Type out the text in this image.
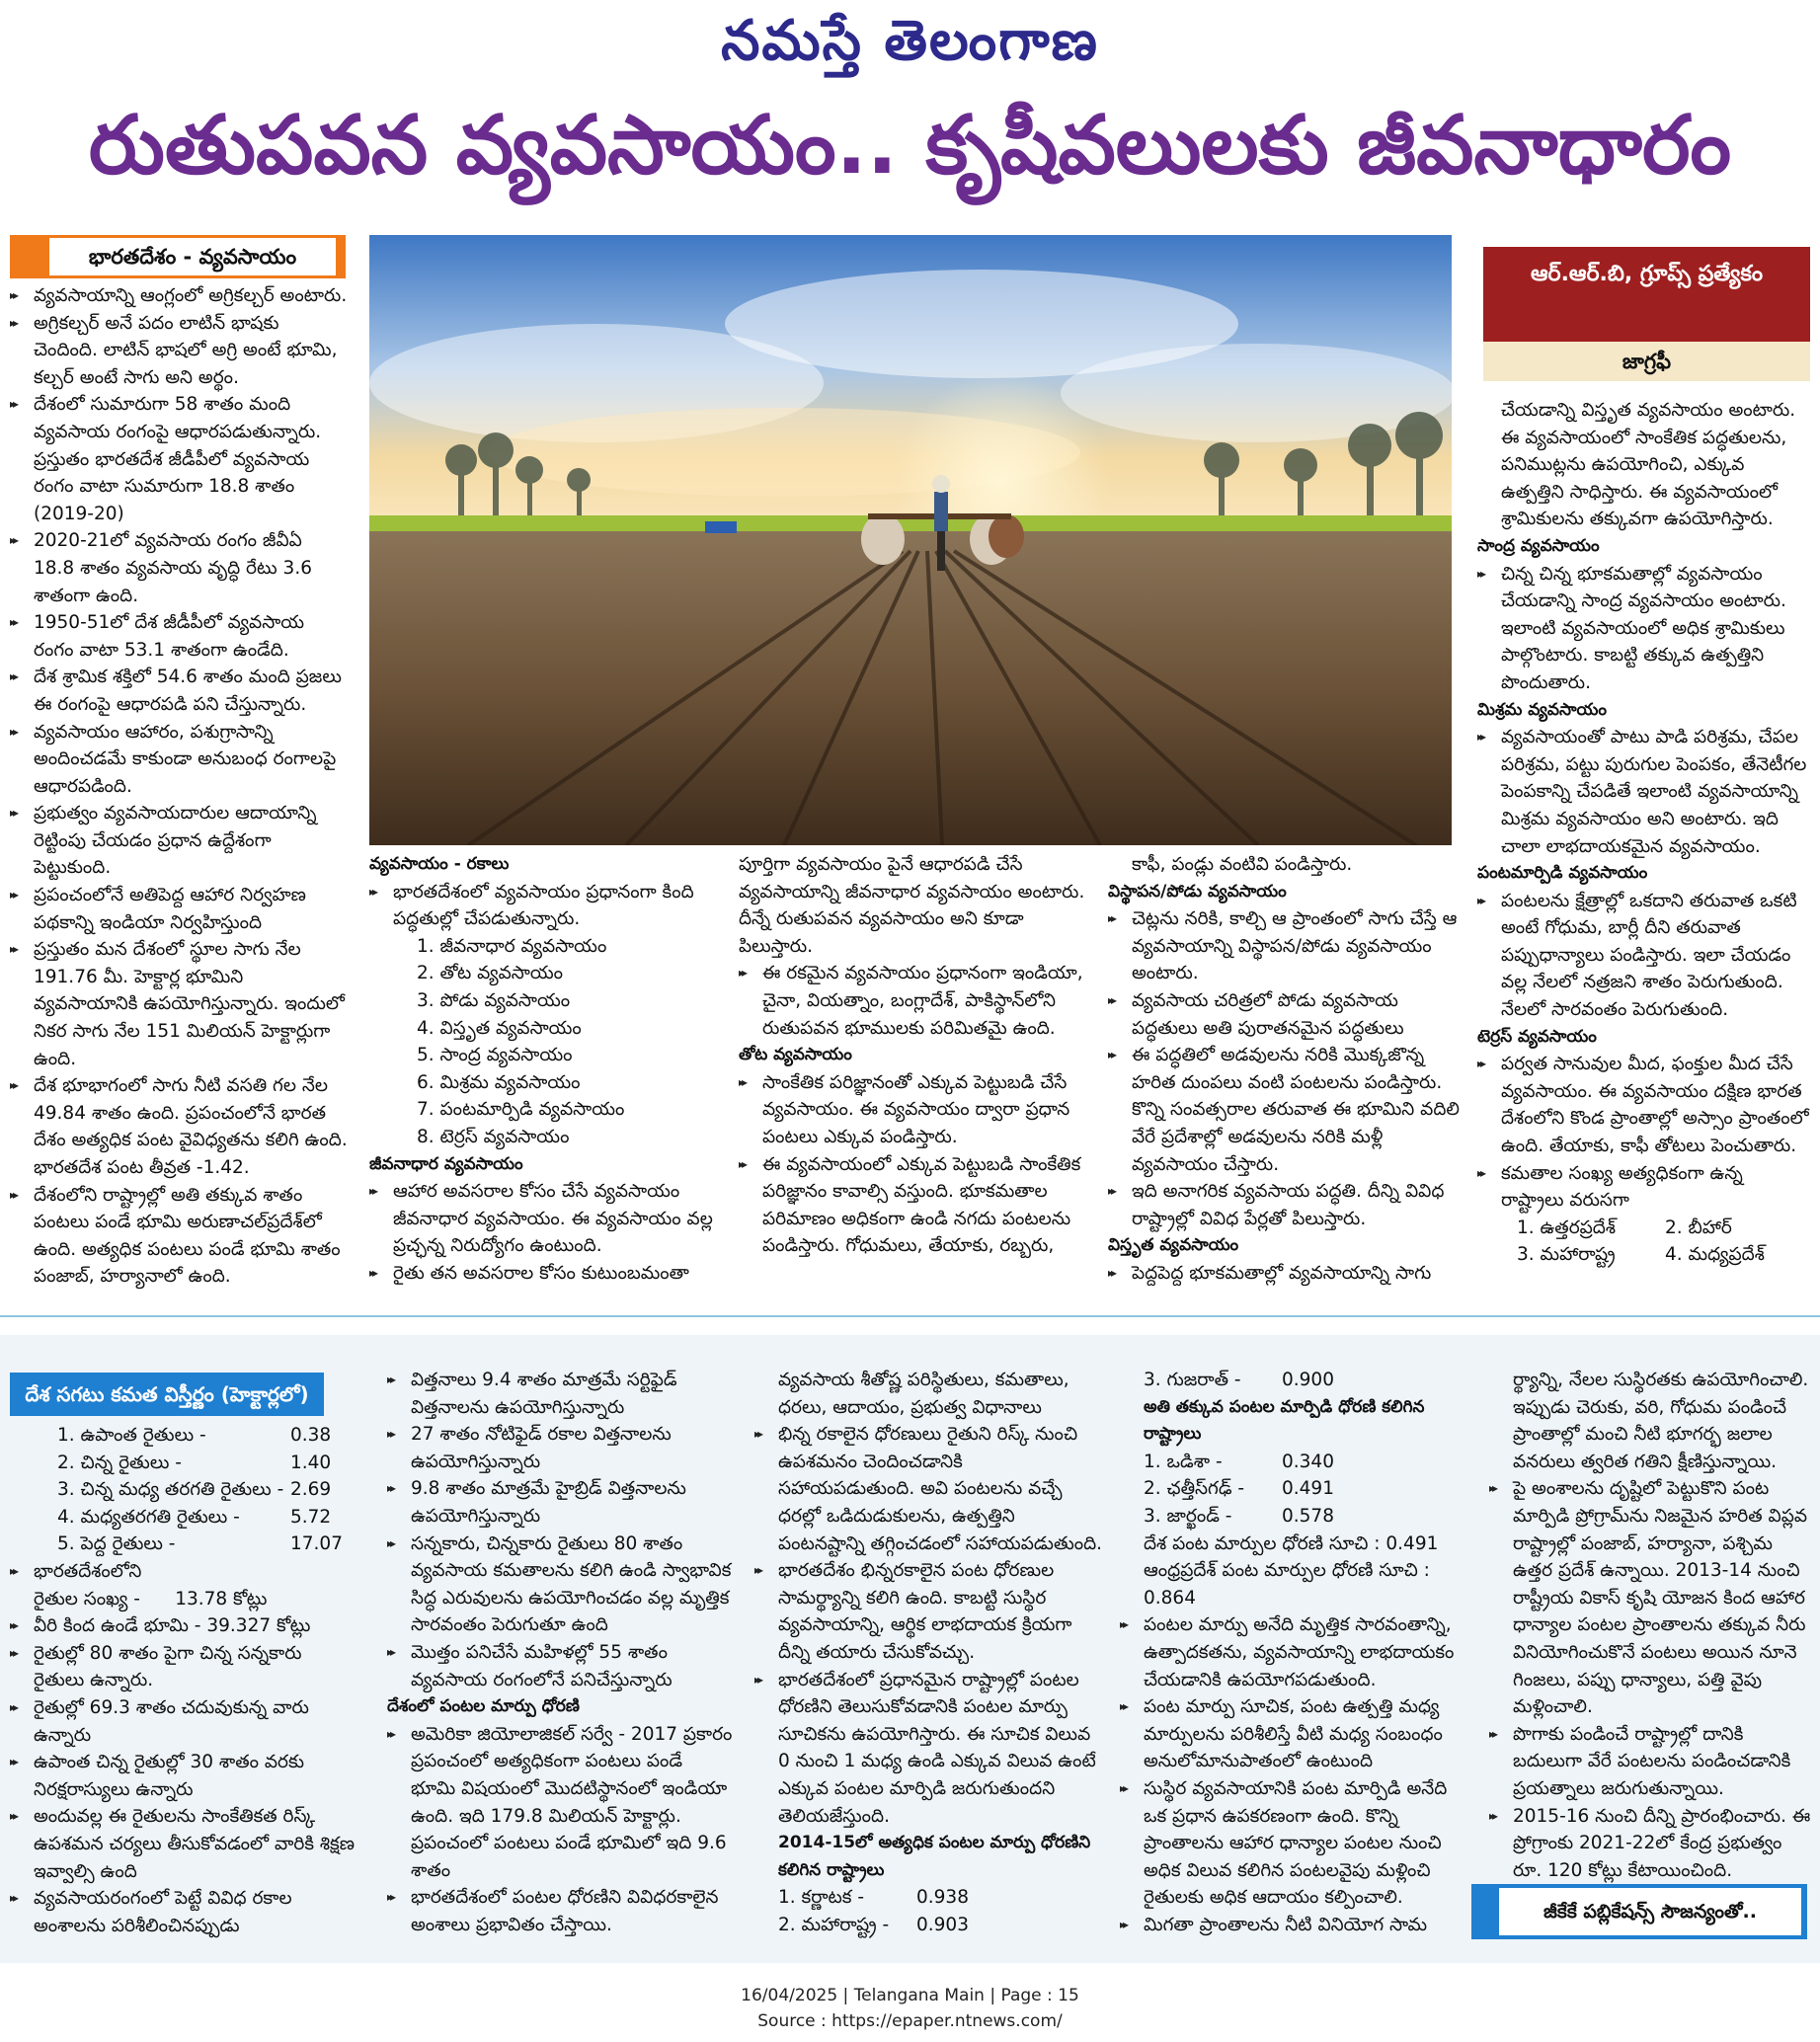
నమస్తే తెలంగాణ
రుతుపవన వ్యవసాయం.. కృషీవలులకు జీవనాధారం
భారతదేశం - వ్యవసాయం

▸▸ వ్యవసాయాన్ని ఆంగ్లంలో అగ్రికల్చర్ అంటారు.

▸▸ అగ్రికల్చర్ అనే పదం లాటిన్ భాషకు చెందింది. లాటిన్ భాషలో అగ్రి అంటే భూమి, కల్చర్ అంటే సాగు అని అర్థం.

▸▸ దేశంలో సుమారుగా 58 శాతం మంది వ్యవసాయ రంగంపై ఆధారపడుతున్నారు. ప్రస్తుతం భారతదేశ జీడీపీలో వ్యవసాయ రంగం వాటా సుమారుగా 18.8 శాతం (2019-20)

▸▸ 2020-21లో వ్యవసాయ రంగం జీవీఏ 18.8 శాతం వ్యవసాయ వృద్ధి రేటు 3.6 శాతంగా ఉంది.

▸▸ 1950-51లో దేశ జీడీపీలో వ్యవసాయ రంగం వాటా 53.1 శాతంగా ఉండేది.

▸▸ దేశ శ్రామిక శక్తిలో 54.6 శాతం మంది ప్రజలు ఈ రంగంపై ఆధారపడి పని చేస్తున్నారు.

▸▸ వ్యవసాయం ఆహారం, పశుగ్రాసాన్ని అందించడమే కాకుండా అనుబంధ రంగాలపై ఆధారపడింది.

▸▸ ప్రభుత్వం వ్యవసాయదారుల ఆదాయాన్ని రెట్టింపు చేయడం ప్రధాన ఉద్దేశంగా పెట్టుకుంది.

▸▸ ప్రపంచంలోనే అతిపెద్ద ఆహార నిర్వహణ పథకాన్ని ఇండియా నిర్వహిస్తుంది

▸▸ ప్రస్తుతం మన దేశంలో స్థూల సాగు నేల 191.76 మీ. హెక్టార్ల భూమిని వ్యవసాయానికి ఉపయోగిస్తున్నారు. ఇందులో నికర సాగు నేల 151 మిలియన్ హెక్టార్లుగా ఉంది.

▸▸ దేశ భూభాగంలో సాగు నీటి వసతి గల నేల 49.84 శాతం ఉంది. ప్రపంచంలోనే భారత దేశం అత్యధిక పంట వైవిధ్యతను కలిగి ఉంది. భారతదేశ పంట తీవ్రత -1.42.

▸▸ దేశంలోని రాష్ట్రాల్లో అతి తక్కువ శాతం పంటలు పండే భూమి అరుణాచల్‌ప్రదేశ్‌లో ఉంది. అత్యధిక పంటలు పండే భూమి శాతం పంజాబ్, హర్యానాలో ఉంది.

వ్యవసాయం - రకాలు

▸▸ భారతదేశంలో వ్యవసాయం ప్రధానంగా కింది పద్ధతుల్లో చేపడుతున్నారు.

1. జీవనాధార వ్యవసాయం

2. తోట వ్యవసాయం

3. పోడు వ్యవసాయం

4. విస్తృత వ్యవసాయం

5. సాంద్ర వ్యవసాయం

6. మిశ్రమ వ్యవసాయం

7. పంటమార్పిడి వ్యవసాయం

8. టెర్రస్ వ్యవసాయం

జీవనాధార వ్యవసాయం

▸▸ ఆహార అవసరాల కోసం చేసే వ్యవసాయం జీవనాధార వ్యవసాయం. ఈ వ్యవసాయం వల్ల ప్రచ్ఛన్న నిరుద్యోగం ఉంటుంది.

▸▸ రైతు తన అవసరాల కోసం కుటుంబమంతా

పూర్తిగా వ్యవసాయం పైనే ఆధారపడి చేసే వ్యవసాయాన్ని జీవనాధార వ్యవసాయం అంటారు. దీన్నే రుతుపవన వ్యవసాయం అని కూడా పిలుస్తారు.

▸▸ ఈ రకమైన వ్యవసాయం ప్రధానంగా ఇండియా, చైనా, వియత్నాం, బంగ్లాదేశ్, పాకిస్థాన్‌లోని రుతుపవన భూములకు పరిమితమై ఉంది.

తోట వ్యవసాయం

▸▸ సాంకేతిక పరిజ్ఞానంతో ఎక్కువ పెట్టుబడి చేసే వ్యవసాయం. ఈ వ్యవసాయం ద్వారా ప్రధాన పంటలు ఎక్కువ పండిస్తారు.

▸▸ ఈ వ్యవసాయంలో ఎక్కువ పెట్టుబడి సాంకేతిక పరిజ్ఞానం కావాల్సి వస్తుంది. భూకమతాల పరిమాణం అధికంగా ఉండి నగదు పంటలను పండిస్తారు. గోధుమలు, తేయాకు, రబ్బరు,

కాఫీ, పండ్లు వంటివి పండిస్తారు.

విస్థాపన/పోడు వ్యవసాయం

▸▸ చెట్లను నరికి, కాల్చి ఆ ప్రాంతంలో సాగు చేస్తే ఆ వ్యవసాయాన్ని విస్థాపన/పోడు వ్యవసాయం అంటారు.

▸▸ వ్యవసాయ చరిత్రలో పోడు వ్యవసాయ పద్ధతులు అతి పురాతనమైన పద్ధతులు

▸▸ ఈ పద్ధతిలో అడవులను నరికి మొక్కజొన్న హరిత దుంపలు వంటి పంటలను పండిస్తారు. కొన్ని సంవత్సరాల తరువాత ఈ భూమిని వదిలి వేరే ప్రదేశాల్లో అడవులను నరికి మళ్లీ వ్యవసాయం చేస్తారు.

▸▸ ఇది అనాగరిక వ్యవసాయ పద్ధతి. దీన్ని వివిధ రాష్ట్రాల్లో వివిధ పేర్లతో పిలుస్తారు.

విస్తృత వ్యవసాయం

▸▸ పెద్దపెద్ద భూకమతాల్లో వ్యవసాయాన్ని సాగు

ఆర్.ఆర్.బి, గ్రూప్స్ ప్రత్యేకం
జాగ్రఫీ

చేయడాన్ని విస్తృత వ్యవసాయం అంటారు. ఈ వ్యవసాయంలో సాంకేతిక పద్ధతులను, పనిముట్లను ఉపయోగించి, ఎక్కువ ఉత్పత్తిని సాధిస్తారు. ఈ వ్యవసాయంలో శ్రామికులను తక్కువగా ఉపయోగిస్తారు.

సాంద్ర వ్యవసాయం

▸▸ చిన్న చిన్న భూకమతాల్లో వ్యవసాయం చేయడాన్ని సాంద్ర వ్యవసాయం అంటారు. ఇలాంటి వ్యవసాయంలో అధిక శ్రామికులు పాల్గొంటారు. కాబట్టి తక్కువ ఉత్పత్తిని పొందుతారు.

మిశ్రమ వ్యవసాయం

▸▸ వ్యవసాయంతో పాటు పాడి పరిశ్రమ, చేపల పరిశ్రమ, పట్టు పురుగుల పెంపకం, తేనెటీగల పెంపకాన్ని చేపడితే ఇలాంటి వ్యవసాయాన్ని మిశ్రమ వ్యవసాయం అని అంటారు. ఇది చాలా లాభదాయకమైన వ్యవసాయం.

పంటమార్పిడి వ్యవసాయం

▸▸ పంటలను క్షేత్రాల్లో ఒకదాని తరువాత ఒకటి అంటే గోధుమ, బార్లీ దీని తరువాత పప్పుధాన్యాలు పండిస్తారు. ఇలా చేయడం వల్ల నేలలో నత్రజని శాతం పెరుగుతుంది. నేలలో సారవంతం పెరుగుతుంది.

టెర్రస్ వ్యవసాయం

▸▸ పర్వత సానువుల మీద, ఫంక్తుల మీద చేసే వ్యవసాయం. ఈ వ్యవసాయం దక్షిణ భారత దేశంలోని కొండ ప్రాంతాల్లో అస్సాం ప్రాంతంలో ఉంది. తేయాకు, కాఫీ తోటలు పెంచుతారు.

▸▸ కమతాల సంఖ్య అత్యధికంగా ఉన్న రాష్ట్రాలు వరుసగా

1. ఉత్తరప్రదేశ్	2. బీహార్
3. మహారాష్ట్ర	4. మధ్యప్రదేశ్
దేశ సగటు కమత విస్తీర్ణం (హెక్టార్లలో)
1. ఉపాంత రైతులు -	0.38
2. చిన్న రైతులు -	1.40
3. చిన్న మధ్య తరగతి రైతులు -	2.69
4. మధ్యతరగతి రైతులు -	5.72
5. పెద్ద రైతులు -	17.07

▸▸ భారతదేశంలోని

రైతుల సంఖ్య - 13.78 కోట్లు

▸▸ వీరి కింద ఉండే భూమి - 39.327 కోట్లు

▸▸ రైతుల్లో 80 శాతం పైగా చిన్న సన్నకారు రైతులు ఉన్నారు.

▸▸ రైతుల్లో 69.3 శాతం చదువుకున్న వారు ఉన్నారు

▸▸ ఉపాంత చిన్న రైతుల్లో 30 శాతం వరకు నిరక్షరాస్యులు ఉన్నారు

▸▸ అందువల్ల ఈ రైతులను సాంకేతికత రిస్క్ ఉపశమన చర్యలు తీసుకోవడంలో వారికి శిక్షణ ఇవ్వాల్సి ఉంది

▸▸ వ్యవసాయరంగంలో పెట్టే వివిధ రకాల అంశాలను పరిశీలించినప్పుడు

▸▸ విత్తనాలు 9.4 శాతం మాత్రమే సర్టిఫైడ్ విత్తనాలను ఉపయోగిస్తున్నారు

▸▸ 27 శాతం నోటిఫైడ్ రకాల విత్తనాలను ఉపయోగిస్తున్నారు

▸▸ 9.8 శాతం మాత్రమే హైబ్రిడ్ విత్తనాలను ఉపయోగిస్తున్నారు

▸▸ సన్నకారు, చిన్నకారు రైతులు 80 శాతం వ్యవసాయ కమతాలను కలిగి ఉండి స్వాభావిక సిద్ధ ఎరువులను ఉపయోగించడం వల్ల మృత్తిక సారవంతం పెరుగుతూ ఉంది

▸▸ మొత్తం పనిచేసే మహిళల్లో 55 శాతం వ్యవసాయ రంగంలోనే పనిచేస్తున్నారు

దేశంలో పంటల మార్పు ధోరణి

▸▸ అమెరికా జియోలాజికల్ సర్వే - 2017 ప్రకారం ప్రపంచంలో అత్యధికంగా పంటలు పండే భూమి విషయంలో మొదటిస్థానంలో ఇండియా ఉంది. ఇది 179.8 మిలియన్ హెక్టార్లు. ప్రపంచంలో పంటలు పండే భూమిలో ఇది 9.6 శాతం

▸▸ భారతదేశంలో పంటల ధోరణిని వివిధరకాలైన అంశాలు ప్రభావితం చేస్తాయి.

వ్యవసాయ శీతోష్ణ పరిస్థితులు, కమతాలు, ధరలు, ఆదాయం, ప్రభుత్వ విధానాలు

▸▸ భిన్న రకాలైన ధోరణులు రైతుని రిస్క్ నుంచి ఉపశమనం చెందించడానికి సహాయపడుతుంది. అవి పంటలను వచ్చే ధరల్లో ఒడిదుడుకులను, ఉత్పత్తిని పంటనష్టాన్ని తగ్గించడంలో సహాయపడుతుంది.

▸▸ భారతదేశం భిన్నరకాలైన పంట ధోరణుల సామర్థ్యాన్ని కలిగి ఉంది. కాబట్టి సుస్థిర వ్యవసాయాన్ని, ఆర్థిక లాభదాయక క్రియగా దీన్ని తయారు చేసుకోవచ్చు.

▸▸ భారతదేశంలో ప్రధానమైన రాష్ట్రాల్లో పంటల ధోరణిని తెలుసుకోవడానికి పంటల మార్పు సూచికను ఉపయోగిస్తారు. ఈ సూచిక విలువ 0 నుంచి 1 మధ్య ఉండి ఎక్కువ విలువ ఉంటే ఎక్కువ పంటల మార్పిడి జరుగుతుందని తెలియజేస్తుంది.

2014-15లో అత్యధిక పంటల మార్పు ధోరణిని కలిగిన రాష్ట్రాలు

1. కర్ణాటక -	0.938
2. మహారాష్ట్ర -	0.903
3. గుజరాత్ -	0.900

అతి తక్కువ పంటల మార్పిడి ధోరణి కలిగిన రాష్ట్రాలు

1. ఒడిశా -	0.340
2. ఛత్తీస్‌గఢ్ -	0.491
3. జార్ఖండ్ -	0.578

దేశ పంట మార్పుల ధోరణి సూచి : 0.491

ఆంధ్రప్రదేశ్ పంట మార్పుల ధోరణి సూచి :     0.864

▸▸ పంటల మార్పు అనేది మృత్తిక సారవంతాన్ని, ఉత్పాదకతను, వ్యవసాయాన్ని లాభదాయకం చేయడానికి ఉపయోగపడుతుంది.

▸▸ పంట మార్పు సూచిక, పంట ఉత్పత్తి మధ్య మార్పులను పరిశీలిస్తే వీటి మధ్య సంబంధం అనులోమానుపాతంలో ఉంటుంది

▸▸ సుస్థిర వ్యవసాయానికి పంట మార్పిడి అనేది ఒక ప్రధాన ఉపకరణంగా ఉంది. కొన్ని ప్రాంతాలను ఆహార ధాన్యాల పంటల నుంచి అధిక విలువ కలిగిన పంటలవైపు మళ్లించి రైతులకు అధిక ఆదాయం కల్పించాలి.

▸▸ మిగతా ప్రాంతాలను నీటి వినియోగ సామ

ర్థ్యాన్ని, నేలల సుస్థిరతకు ఉపయోగించాలి. ఇప్పుడు చెరుకు, వరి, గోధుమ పండించే ప్రాంతాల్లో మంచి నీటి భూగర్భ జలాల వనరులు త్వరిత గతిని క్షీణిస్తున్నాయి.

▸▸ పై అంశాలను దృష్టిలో పెట్టుకొని పంట మార్పిడి ప్రోగ్రామ్‌ను నిజమైన హరిత విప్లవ రాష్ట్రాల్లో పంజాబ్, హర్యానా, పశ్చిమ ఉత్తర ప్రదేశ్ ఉన్నాయి. 2013-14 నుంచి రాష్ట్రీయ వికాస్ కృషి యోజన కింద ఆహార ధాన్యాల పంటల ప్రాంతాలను తక్కువ నీరు వినియోగించుకొనే పంటలు అయిన నూనె గింజలు, పప్పు ధాన్యాలు, పత్తి వైపు మళ్లించాలి.

▸▸ పొగాకు పండించే రాష్ట్రాల్లో దానికి బదులుగా వేరే పంటలను పండించడానికి ప్రయత్నాలు జరుగుతున్నాయి.

▸▸ 2015-16 నుంచి దీన్ని ప్రారంభించారు. ఈ ప్రోగ్రాంకు 2021-22లో కేంద్ర ప్రభుత్వం రూ. 120 కోట్లు కేటాయించింది.

జీకేకే పబ్లికేషన్స్ సౌజన్యంతో..
16/04/2025 | Telangana Main | Page : 15
Source : https://epaper.ntnews.com/
